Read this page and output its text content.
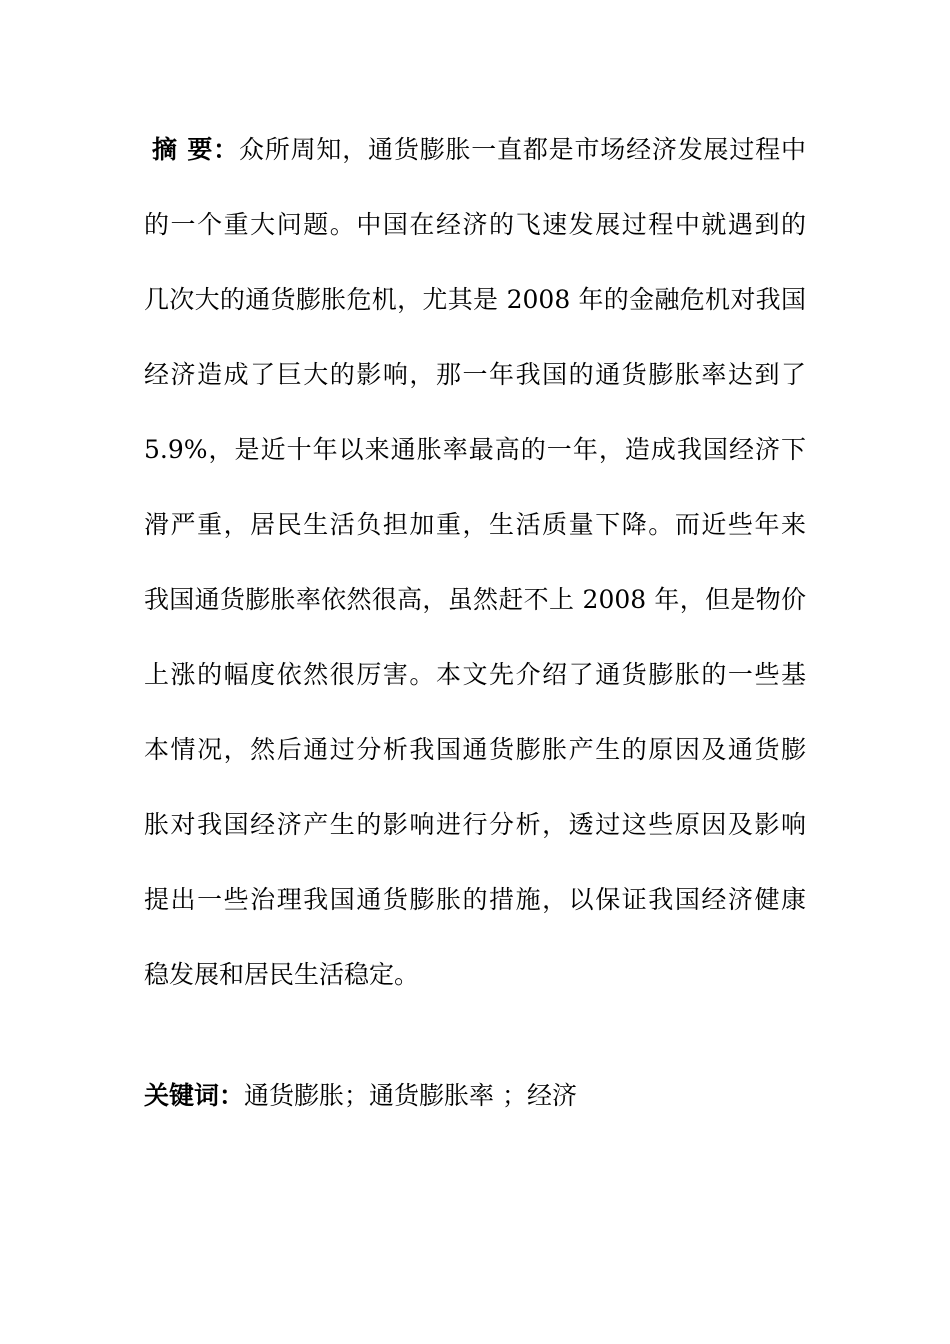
摘 要：众所周知，通货膨胀一直都是市场经济发展过程中
的一个重大问题。中国在经济的飞速发展过程中就遇到的
几次大的通货膨胀危机，尤其是 2008 年的金融危机对我国
经济造成了巨大的影响，那一年我国的通货膨胀率达到了
5.9%，是近十年以来通胀率最高的一年，造成我国经济下
滑严重，居民生活负担加重，生活质量下降。而近些年来
我国通货膨胀率依然很高，虽然赶不上 2008 年，但是物价
上涨的幅度依然很厉害。本文先介绍了通货膨胀的一些基
本情况，然后通过分析我国通货膨胀产生的原因及通货膨
胀对我国经济产生的影响进行分析，透过这些原因及影响
提出一些治理我国通货膨胀的措施，以保证我国经济健康
稳发展和居民生活稳定。
关键词：通货膨胀；通货膨胀率 ；经济
